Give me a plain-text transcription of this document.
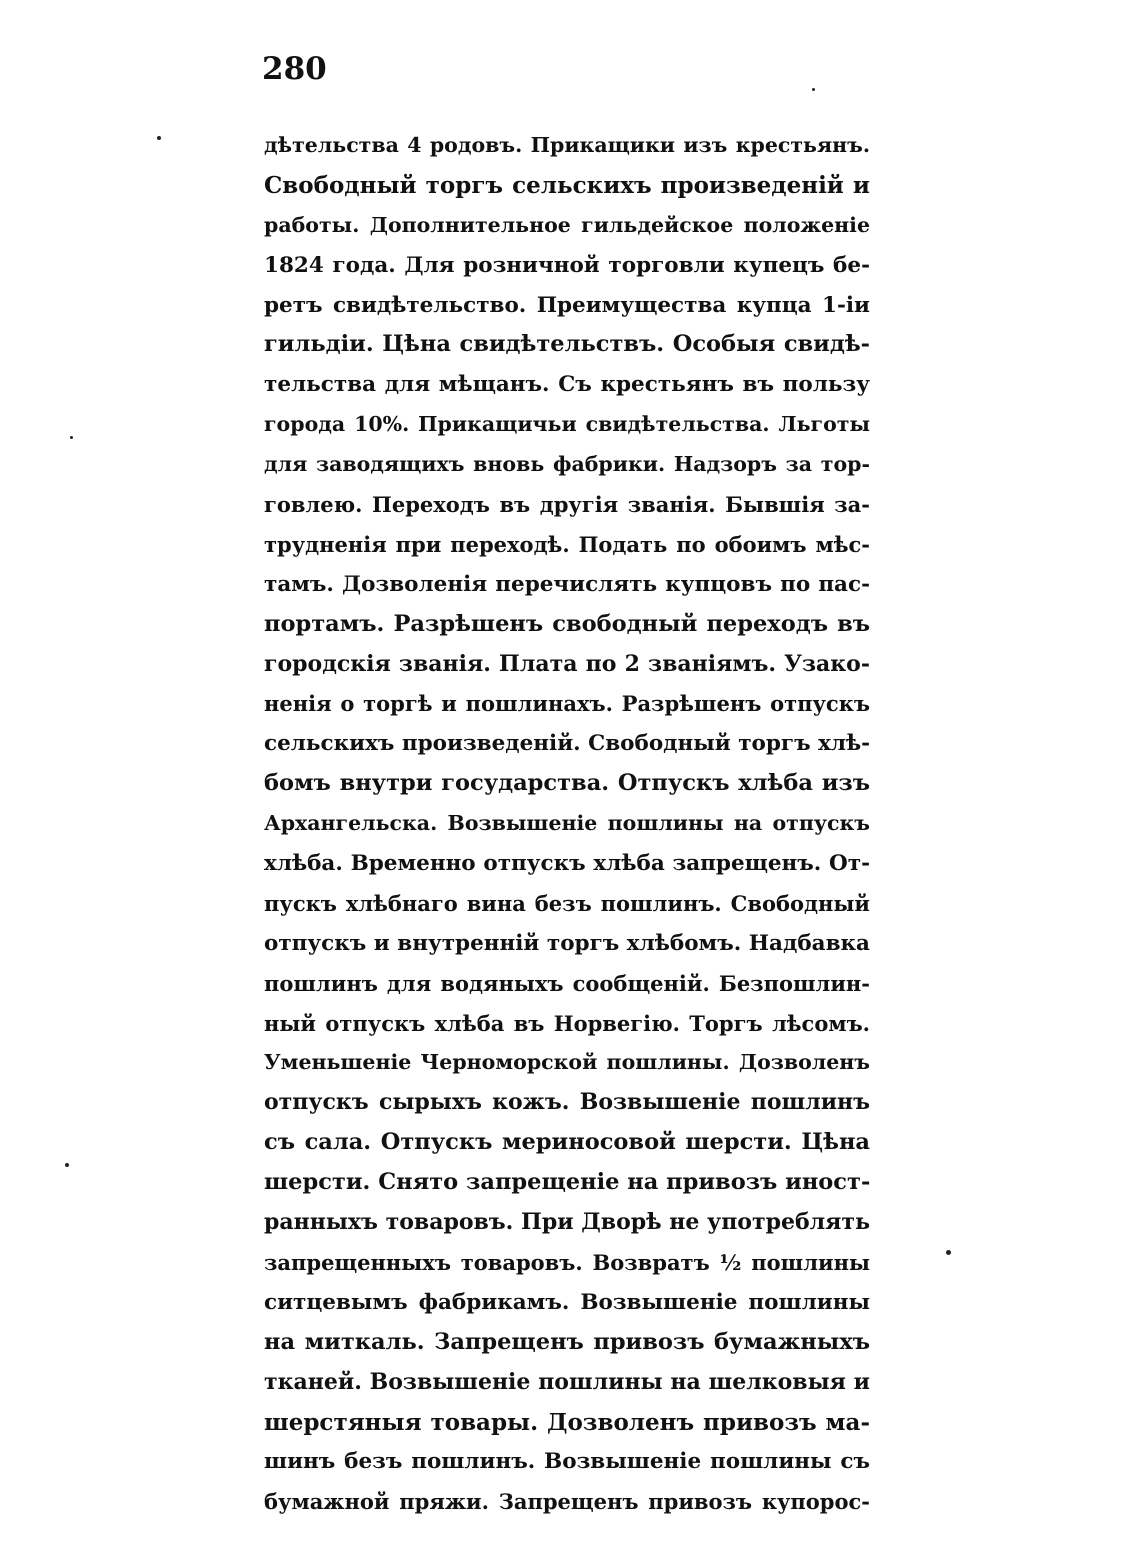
280
дѣтельства 4 родовъ. Прикащики изъ крестьянъ.
Свободный торгъ сельскихъ произведенiй и
работы. Дополнительное гильдейское положенie
1824 года. Для розничной торговли купецъ бе-
ретъ свидѣтельство. Преимущества купца 1-iи
гильдiи. Цѣна свидѣтельствъ. Особыя свидѣ-
тельства для мѣщанъ. Съ крестьянъ въ пользу
города 10%. Прикащичьи свидѣтельства. Льготы
для заводящихъ вновь фабрики. Надзоръ за тор-
говлею. Переходъ въ другiя званiя. Бывшiя за-
трудненiя при переходѣ. Подать по обоимъ мѣс-
тамъ. Дозволенiя перечислять купцовъ по пас-
портамъ. Разрѣшенъ свободный переходъ въ
городскiя званiя. Плата по 2 званiямъ. Узако-
ненiя о торгѣ и пошлинахъ. Разрѣшенъ отпускъ
сельскихъ произведенiй. Свободный торгъ хлѣ-
бомъ внутри государства. Отпускъ хлѣба изъ
Архангельска. Возвышенie пошлины на отпускъ
хлѣба. Временно отпускъ хлѣба запрещенъ. От-
пускъ хлѣбнаго вина безъ пошлинъ. Свободный
отпускъ и внутреннiй торгъ хлѣбомъ. Надбавка
пошлинъ для водяныхъ сообщенiй. Безпошлин-
ный отпускъ хлѣба въ Норвегiю. Торгъ лѣсомъ.
Уменьшенie Черноморской пошлины. Дозволенъ
отпускъ сырыхъ кожъ. Возвышенie пошлинъ
съ сала. Отпускъ мериносовой шерсти. Цѣна
шерсти. Снято запрещенie на привозъ иност-
ранныхъ товаровъ. При Дворѣ не употреблять
запрещенныхъ товаровъ. Возвратъ ½ пошлины
ситцевымъ фабрикамъ. Возвышенie пошлины
на миткаль. Запрещенъ привозъ бумажныхъ
тканей. Возвышенie пошлины на шелковыя и
шерстяныя товары. Дозволенъ привозъ ма-
шинъ безъ пошлинъ. Возвышенie пошлины съ
бумажной пряжи. Запрещенъ привозъ купорос-
